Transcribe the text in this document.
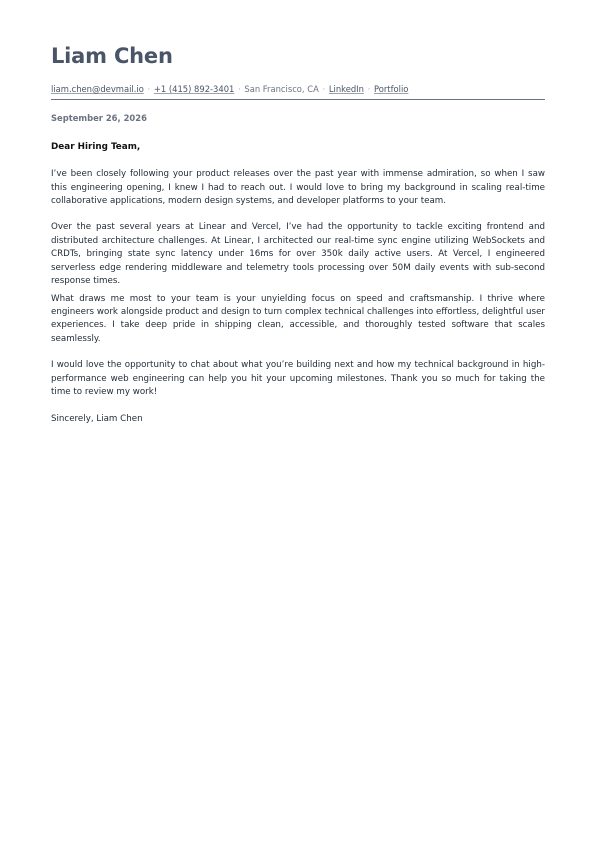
Liam Chen
liam.chen@devmail.io · +1 (415) 892-3401 · San Francisco, CA · LinkedIn · Portfolio
September 26, 2026
Dear Hiring Team,

I’ve been closely following your product releases over the past year with immense admiration, so when I saw this engineering opening, I knew I had to reach out. I would love to bring my background in scaling real-time collaborative applications, modern design systems, and developer platforms to your team.

Over the past several years at Linear and Vercel, I’ve had the opportunity to tackle exciting frontend and distributed architecture challenges. At Linear, I architected our real-time sync engine utilizing WebSockets and CRDTs, bringing state sync latency under 16ms for over 350k daily active users. At Vercel, I engineered serverless edge rendering middleware and telemetry tools processing over 50M daily events with sub-second response times.

What draws me most to your team is your unyielding focus on speed and craftsmanship. I thrive where engineers work alongside product and design to turn complex technical challenges into effortless, delightful user experiences. I take deep pride in shipping clean, accessible, and thoroughly tested software that scales seamlessly.

I would love the opportunity to chat about what you’re building next and how my technical background in high-performance web engineering can help you hit your upcoming milestones. Thank you so much for taking the time to review my work!

Sincerely, Liam Chen
